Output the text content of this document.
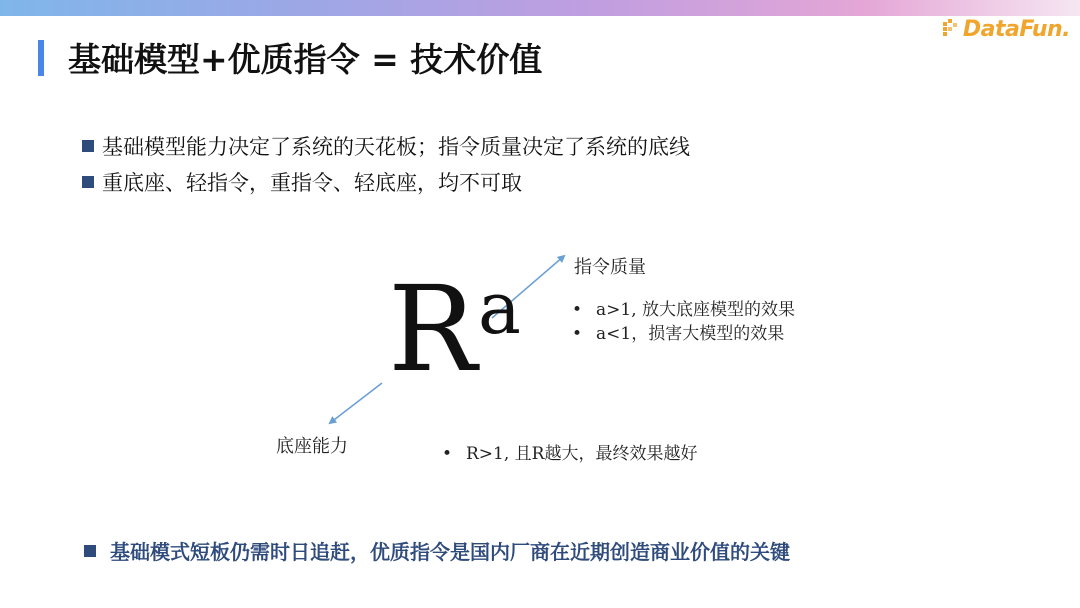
DataFun.
基础模型+优质指令 = 技术价值
基础模型能力决定了系统的天花板；指令质量决定了系统的底线
重底座、轻指令，重指令、轻底座，均不可取
R a	指令质量
底座能力
• a>1, 放大底座模型的效果
• a<1，损害大模型的效果
• R>1, 且R越大，最终效果越好
基础模式短板仍需时日追赶，优质指令是国内厂商在近期创造商业价值的关键
